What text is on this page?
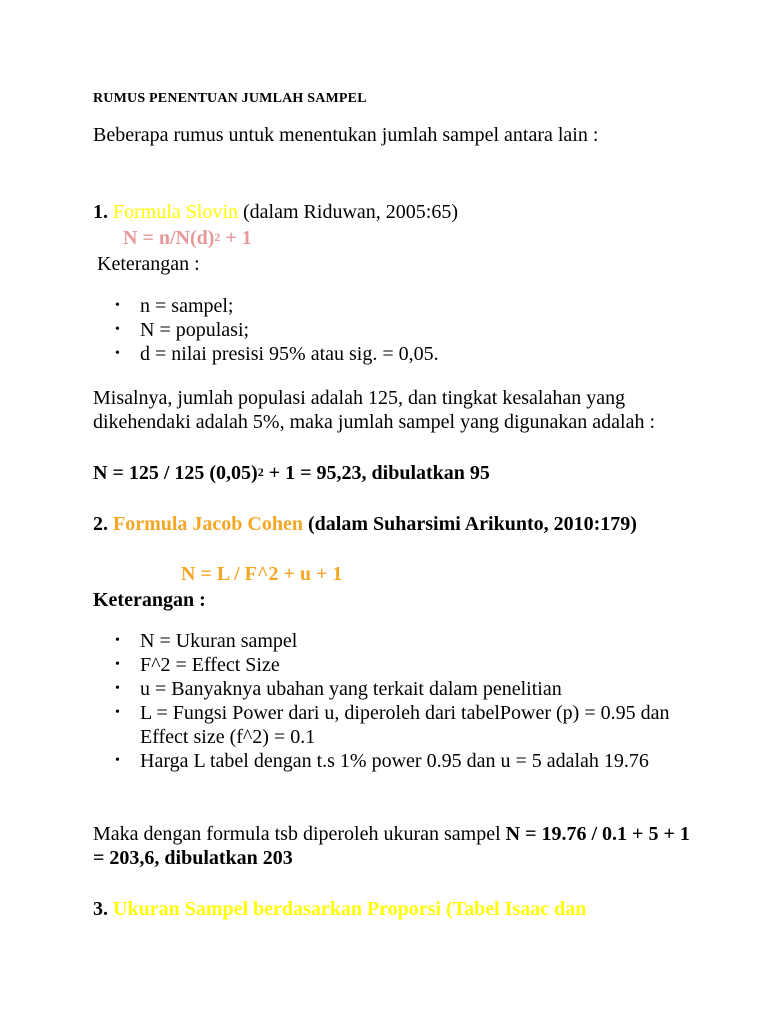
RUMUS PENENTUAN JUMLAH SAMPEL
Beberapa rumus untuk menentukan jumlah sampel antara lain :
1. Formula Slovin (dalam Riduwan, 2005:65)
$N = n/N(d)^2 + 1$
Keterangan :
• n = sampel;
• N = populasi;
• d = nilai presisi 95% atau sig. = 0,05.
Misalnya, jumlah populasi adalah 125, dan tingkat kesalahan yang dikehendaki adalah 5%, maka jumlah sampel yang digunakan adalah :
N = 125 / 125 $(0,05)^2 + 1 = 95,23$, dibulatkan 95
2. Formula Jacob Cohen (dalam Suharsimi Arikunto, 2010:179)
N = L / F^2 + u + 1
Keterangan :
• N = Ukuran sampel
• F^2 = Effect Size
• u = Banyaknya ubahan yang terkait dalam penelitian
• L = Fungsi Power dari u, diperoleh dari tabelPower (p) = 0.95 dan Effect size (f^2) = 0.1
• Harga L tabel dengan t.s 1% power 0.95 dan u = 5 adalah 19.76
Maka dengan formula tsb diperoleh ukuran sampel N = 19.76 / 0.1 + 5 + 1 = 203,6, dibulatkan 203
3. Ukuran Sampel berdasarkan Proporsi (Tabel Isaac dan
